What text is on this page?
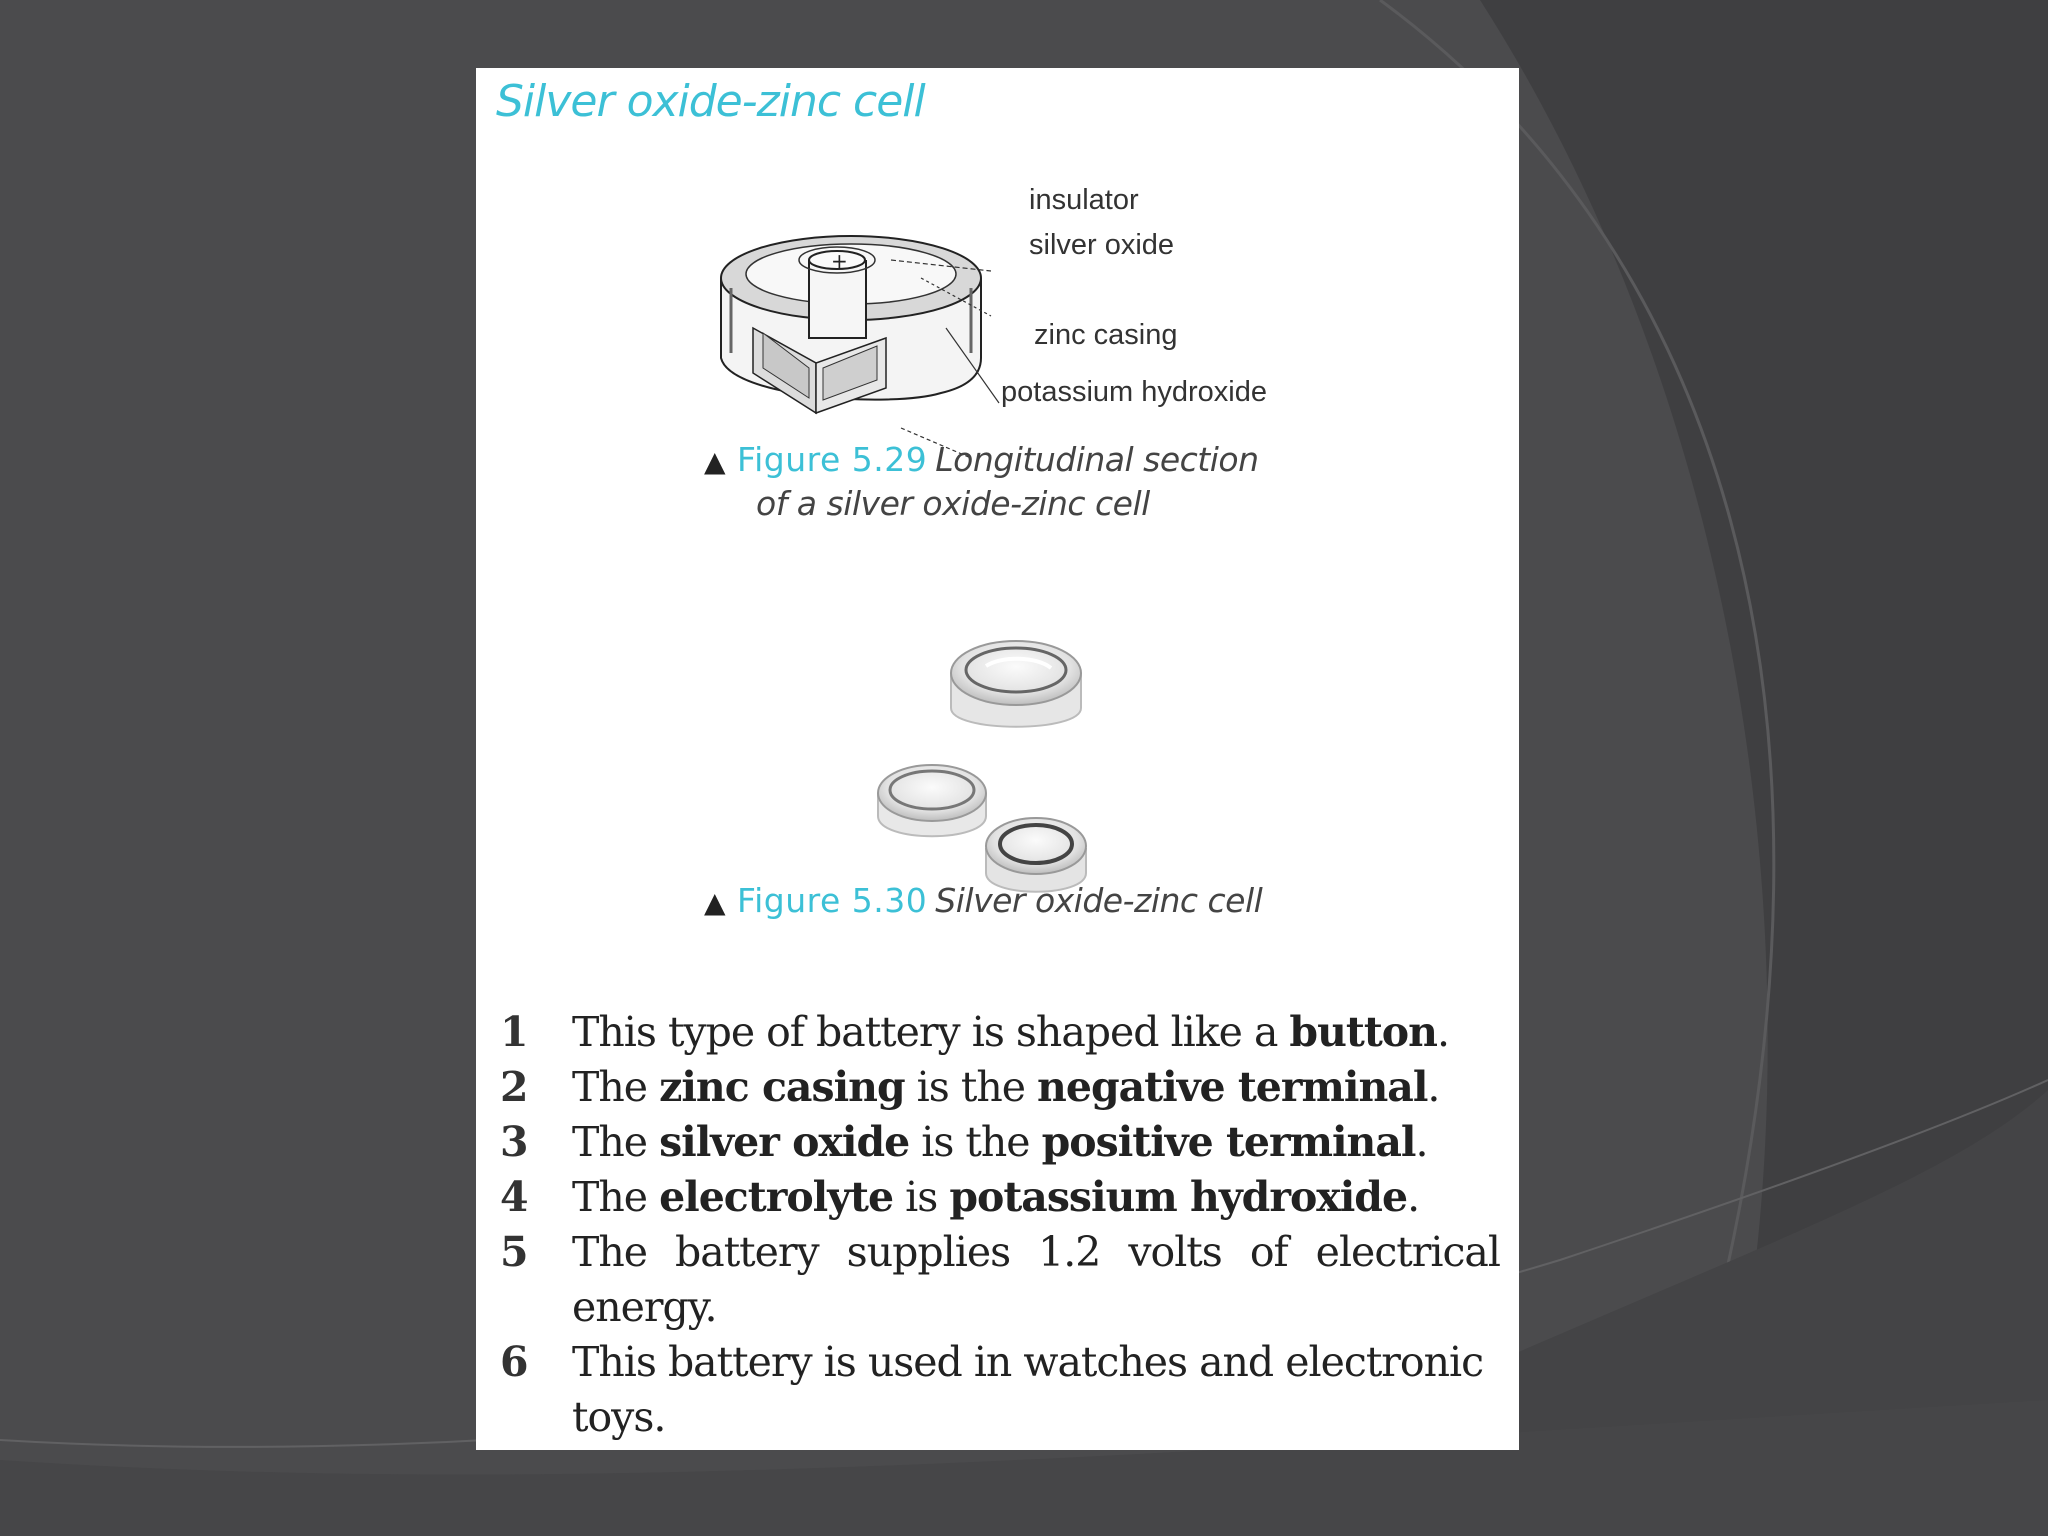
Silver oxide-zinc cell
+
insulator
silver oxide
zinc casing
potassium hydroxide
▲ Figure 5.29 Longitudinal section
of a silver oxide-zinc cell
▲ Figure 5.30 Silver oxide-zinc cell
1	This type of battery is shaped like a button.
2	The zinc casing is the negative terminal.
3	The silver oxide is the positive terminal.
4	The electrolyte is potassium hydroxide.
5	The battery supplies 1.2 volts of electrical energy.
6	This battery is used in watches and electronic toys.
